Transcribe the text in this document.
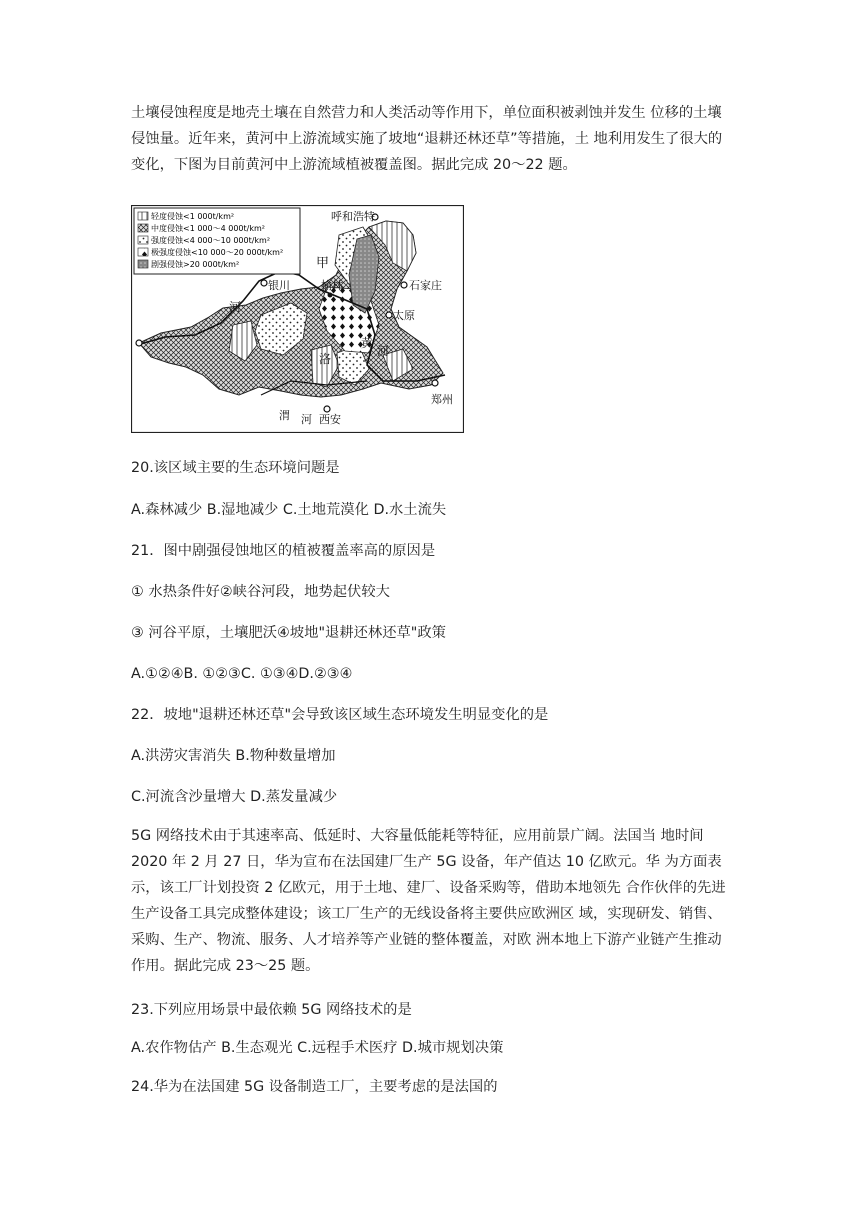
土壤侵蚀程度是地壳土壤在自然营力和人类活动等作用下，单位面积被剥蚀并发生 位移的土壤侵蚀量。近年来，黄河中上游流域实施了坡地“退耕还林还草”等措施，土 地利用发生了很大的变化，下图为目前黄河中上游流域植被覆盖图。据此完成 20～22 题。

轻度侵蚀<1 000t/km²
中度侵蚀<1 000～4 000t/km²
强度侵蚀<4 000～10 000t/km²
极强度侵蚀<10 000～20 000t/km²
剧强侵蚀>20 000t/km²
呼和浩特
甲
银川	榆林	石家庄
河
太原
黄
河
洛
渭 河 西安
郑州

20.该区域主要的生态环境问题是

A.森林减少 B.湿地减少 C.土地荒漠化 D.水土流失

21．图中剧强侵蚀地区的植被覆盖率高的原因是

① 水热条件好②峡谷河段，地势起伏较大

③ 河谷平原，土壤肥沃④坡地"退耕还林还草"政策

A.①②④B. ①②③C. ①③④D.②③④

22．坡地"退耕还林还草"会导致该区域生态环境发生明显变化的是

A.洪涝灾害消失 B.物种数量增加

C.河流含沙量增大 D.蒸发量减少

5G 网络技术由于其速率高、低延时、大容量低能耗等特征，应用前景广阔。法国当 地时间 2020 年 2 月 27 日，华为宣布在法国建厂生产 5G 设备，年产值达 10 亿欧元。华 为方面表示，该工厂计划投资 2 亿欧元，用于土地、建厂、设备采购等，借助本地领先 合作伙伴的先进生产设备工具完成整体建设；该工厂生产的无线设备将主要供应欧洲区 域，实现研发、销售、采购、生产、物流、服务、人才培养等产业链的整体覆盖，对欧 洲本地上下游产业链产生推动作用。据此完成 23～25 题。

23.下列应用场景中最依赖 5G 网络技术的是

A.农作物估产 B.生态观光 C.远程手术医疗 D.城市规划决策

24.华为在法国建 5G 设备制造工厂，主要考虑的是法国的
